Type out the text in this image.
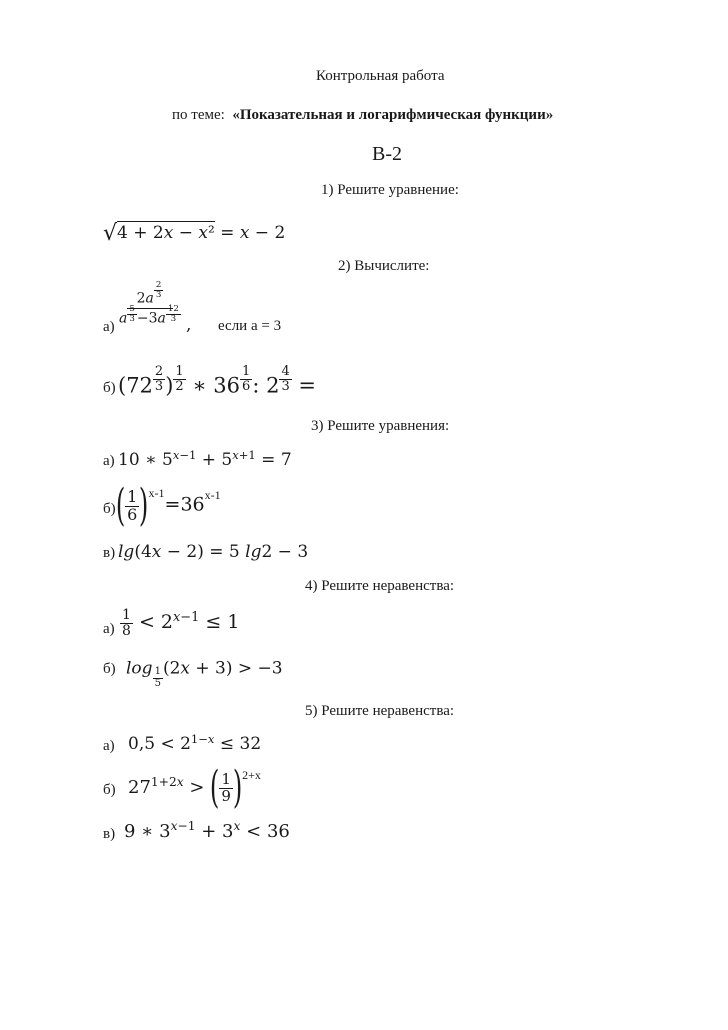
Контрольная работа
по теме: «Показательная и логарифмическая функции»
В-2
1) Решите уравнение:
√4 + 2𝑥 − 𝑥² = 𝑥 − 2
2) Вычислите:
$а) \frac{2𝑎 \frac{2}{3}}{𝑎 \frac{5}{3} -3𝑎 \frac{12}{3}}$ , если а = 3
б) ($72 \frac{2}{3}$ ) $\frac{1}{2}$ ∗ $36 \frac{1}{6}$ : $2 \frac{4}{3}$ =
3) Решите уравнения:
а) 10 ∗ $5^{𝑥-1} + 5^{𝑥+1} = 7$
б) ( $\frac{1}{6} )^{x-1}=36^{x-1}$
в) 𝑙𝑔(4𝑥 − 2) = 5 𝑙𝑔2 − 3
4) Решите неравенства:
$а) \frac{1}{8} < 2^{𝑥-1} \le 1$
б) 𝑙𝑜𝑔 $\frac{1}{5}$ (2𝑥 + 3) > −3
5) Решите неравенства:
а) $0,5 < 2^{1-𝑥} \le 32$
б) $27^{1+2𝑥}$ > ( $\frac{1}{9} )^{2+x}$
в) 9 ∗ $3^{𝑥-1} + 3^𝑥 < 36$
